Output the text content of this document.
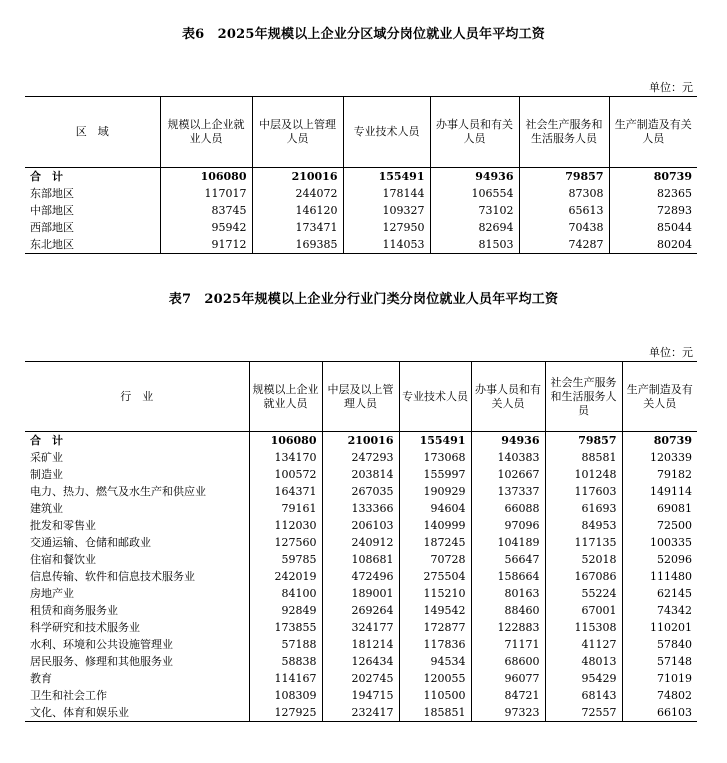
表6　2025年规模以上企业分区域分岗位就业人员年平均工资
单位：元
区　域	规模以上企业就业人员	中层及以上管理人员	专业技术人员	办事人员和有关人员	社会生产服务和生活服务人员	生产制造及有关人员
合　计	106080	210016	155491	94936	79857	80739
东部地区	117017	244072	178144	106554	87308	82365
中部地区	83745	146120	109327	73102	65613	72893
西部地区	95942	173471	127950	82694	70438	85044
东北地区	91712	169385	114053	81503	74287	80204
表7　2025年规模以上企业分行业门类分岗位就业人员年平均工资
单位：元
行　业	规模以上企业就业人员	中层及以上管理人员	专业技术人员	办事人员和有关人员	社会生产服务和生活服务人员	生产制造及有关人员
合　计	106080	210016	155491	94936	79857	80739
采矿业	134170	247293	173068	140383	88581	120339
制造业	100572	203814	155997	102667	101248	79182
电力、热力、燃气及水生产和供应业	164371	267035	190929	137337	117603	149114
建筑业	79161	133366	94604	66088	61693	69081
批发和零售业	112030	206103	140999	97096	84953	72500
交通运输、仓储和邮政业	127560	240912	187245	104189	117135	100335
住宿和餐饮业	59785	108681	70728	56647	52018	52096
信息传输、软件和信息技术服务业	242019	472496	275504	158664	167086	111480
房地产业	84100	189001	115210	80163	55224	62145
租赁和商务服务业	92849	269264	149542	88460	67001	74342
科学研究和技术服务业	173855	324177	172877	122883	115308	110201
水利、环境和公共设施管理业	57188	181214	117836	71171	41127	57840
居民服务、修理和其他服务业	58838	126434	94534	68600	48013	57148
教育	114167	202745	120055	96077	95429	71019
卫生和社会工作	108309	194715	110500	84721	68143	74802
文化、体育和娱乐业	127925	232417	185851	97323	72557	66103
